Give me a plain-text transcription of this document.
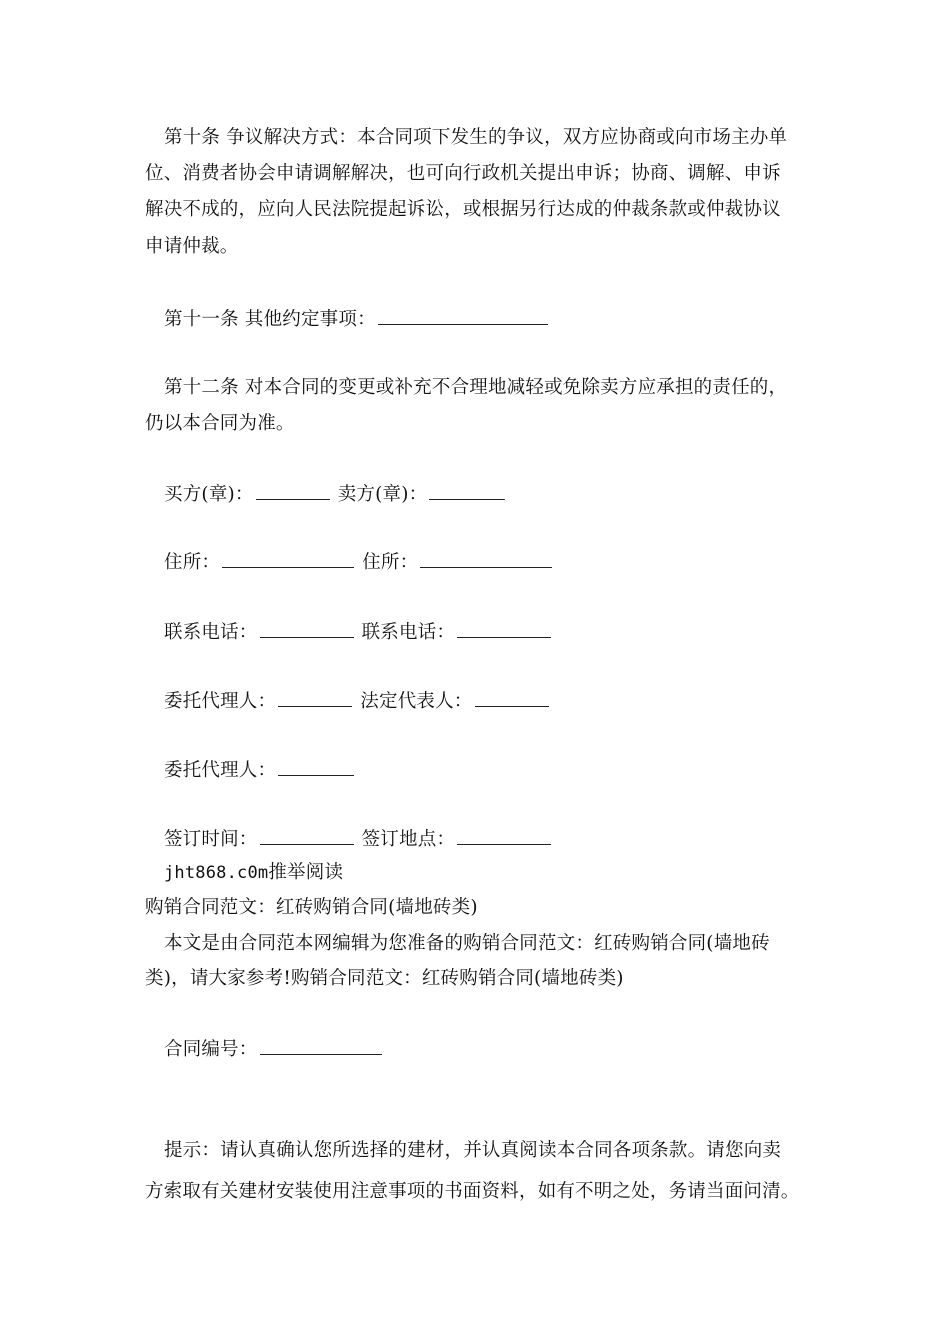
第十条 争议解决方式：本合同项下发生的争议，双方应协商或向市场主办单
位、消费者协会申请调解解决，也可向行政机关提出申诉；协商、调解、申诉
解决不成的，应向人民法院提起诉讼，或根据另行达成的仲裁条款或仲裁协议
申请仲裁。
第十一条 其他约定事项：
第十二条 对本合同的变更或补充不合理地减轻或免除卖方应承担的责任的，
仍以本合同为准。
买方(章)：	卖方(章)：
住所：	住所：
联系电话：	联系电话：
委托代理人：	法定代表人：
委托代理人：
签订时间：	签订地点：
jht868.c0m推举阅读
购销合同范文：红砖购销合同(墙地砖类)
本文是由合同范本网编辑为您准备的购销合同范文：红砖购销合同(墙地砖
类)，请大家参考!购销合同范文：红砖购销合同(墙地砖类)
合同编号：
提示：请认真确认您所选择的建材，并认真阅读本合同各项条款。请您向卖
方索取有关建材安装使用注意事项的书面资料，如有不明之处，务请当面问清。
